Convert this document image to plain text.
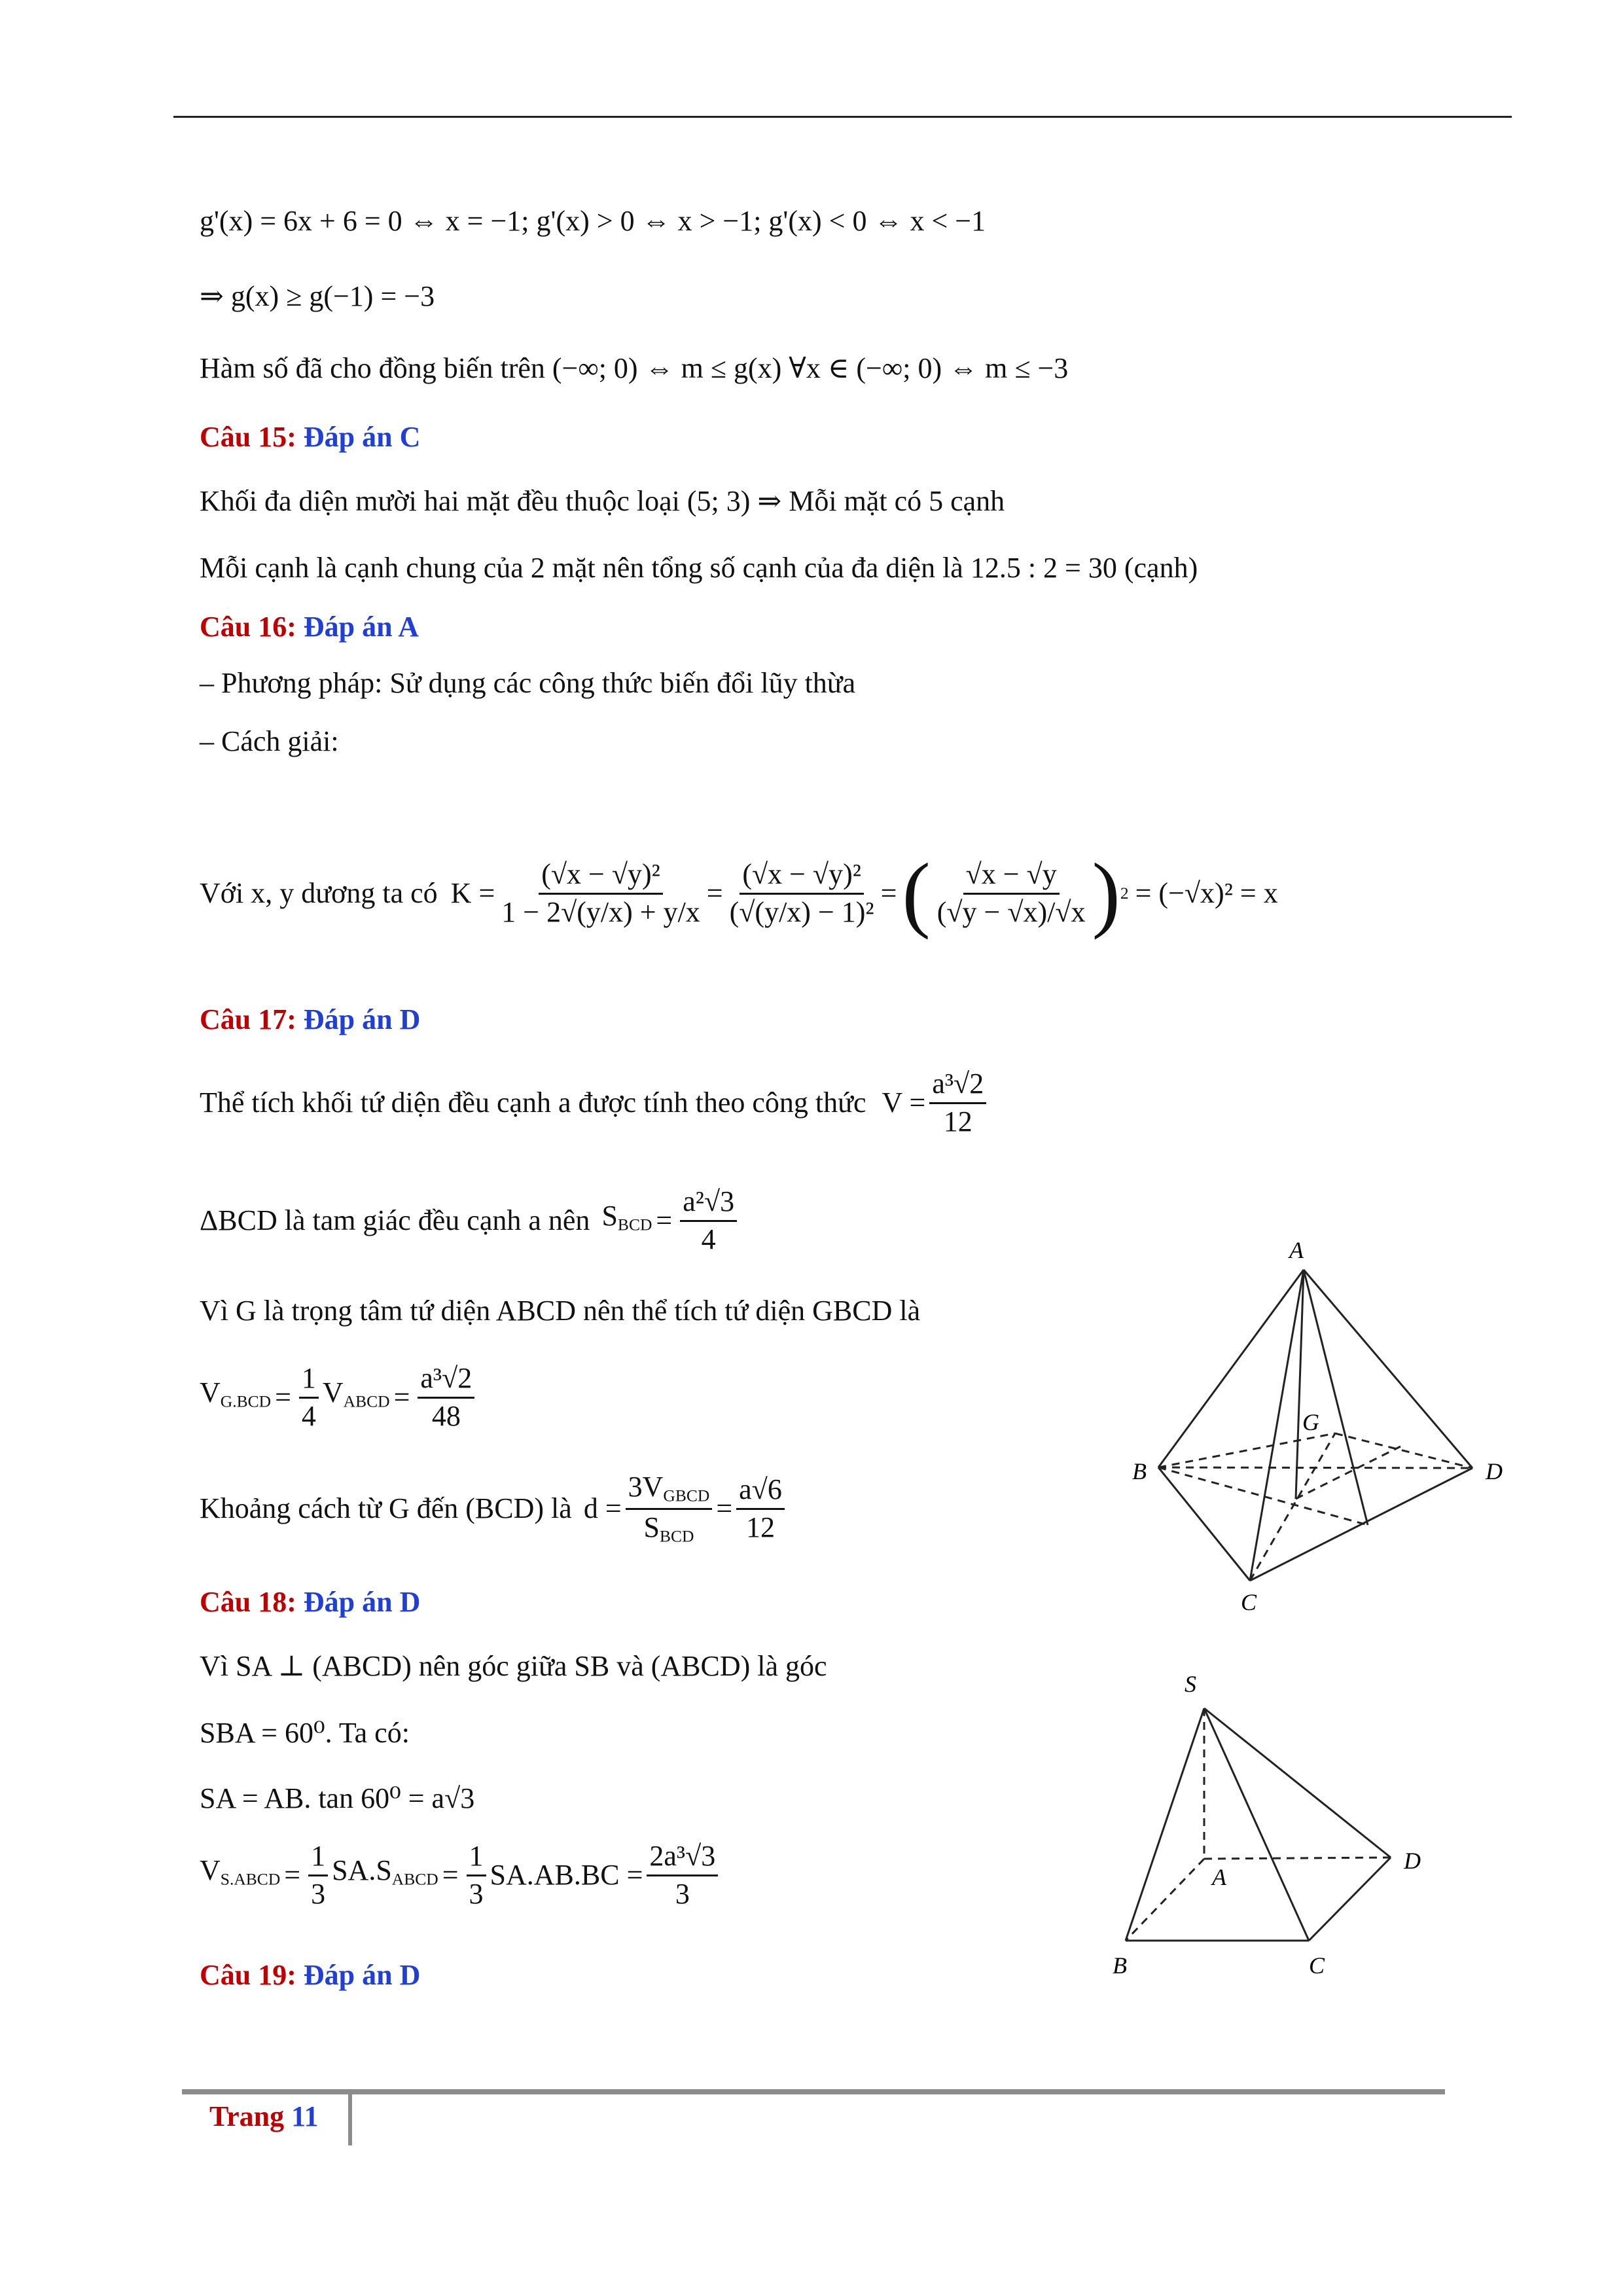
g'(x) = 6x + 6 = 0 ⇔ x = −1; g'(x) > 0 ⇔ x > −1; g'(x) < 0 ⇔ x < −1
⇒ g(x) ≥ g(−1) = −3
Hàm số đã cho đồng biến trên (−∞; 0) ⇔ m ≤ g(x) ∀x ∈ (−∞; 0) ⇔ m ≤ −3
Câu 15: Đáp án C
Khối đa diện mười hai mặt đều thuộc loại (5; 3) ⇒ Mỗi mặt có 5 cạnh
Mỗi cạnh là cạnh chung của 2 mặt nên tổng số cạnh của đa diện là 12.5 : 2 = 30 (cạnh)
Câu 16: Đáp án A
– Phương pháp: Sử dụng các công thức biến đổi lũy thừa
– Cách giải:
Với x, y dương ta có $K = \frac{\text{(√x − √y)²}}{1 - 2√(y/x) + y/x} = \frac{\text{(√x − √y)²}}{\text{(√(y/x) − 1)²}}$ = ( $\frac{√x - √y}{(√y - √x)/√x}$ ) 2 = (−√x)² = x
Câu 17: Đáp án D
Thể tích khối tứ diện đều cạnh a được tính theo công thức $V = \frac{\text{a³√2}}{12}$
ΔBCD là tam giác đều cạnh a nên $S_{BCD} = \frac{\text{a²√3}}{4}$
Vì G là trọng tâm tứ diện ABCD nên thể tích tứ diện GBCD là
$V_{G.BCD} = \frac{1}{4} V_{ABCD} = \frac{\text{a³√2}}{48}$
Khoảng cách từ G đến (BCD) là $d = \frac{3V_{GBCD}}{S_{BCD}} = \frac{a√6}{12}$
A
B
C
D
G
Câu 18: Đáp án D
Vì SA ⊥ (ABCD) nên góc giữa SB và (ABCD) là góc
SBA = 60⁰. Ta có:
SA = AB. tan 60⁰ = a√3
$V_{S.ABCD} = \frac{1}{3} SA.S_{ABCD} = \frac{1}{3} SA.AB.BC = \frac{\text{2a³√3}}{3}$
S
A
B	C
D
Câu 19: Đáp án D
Trang 11
